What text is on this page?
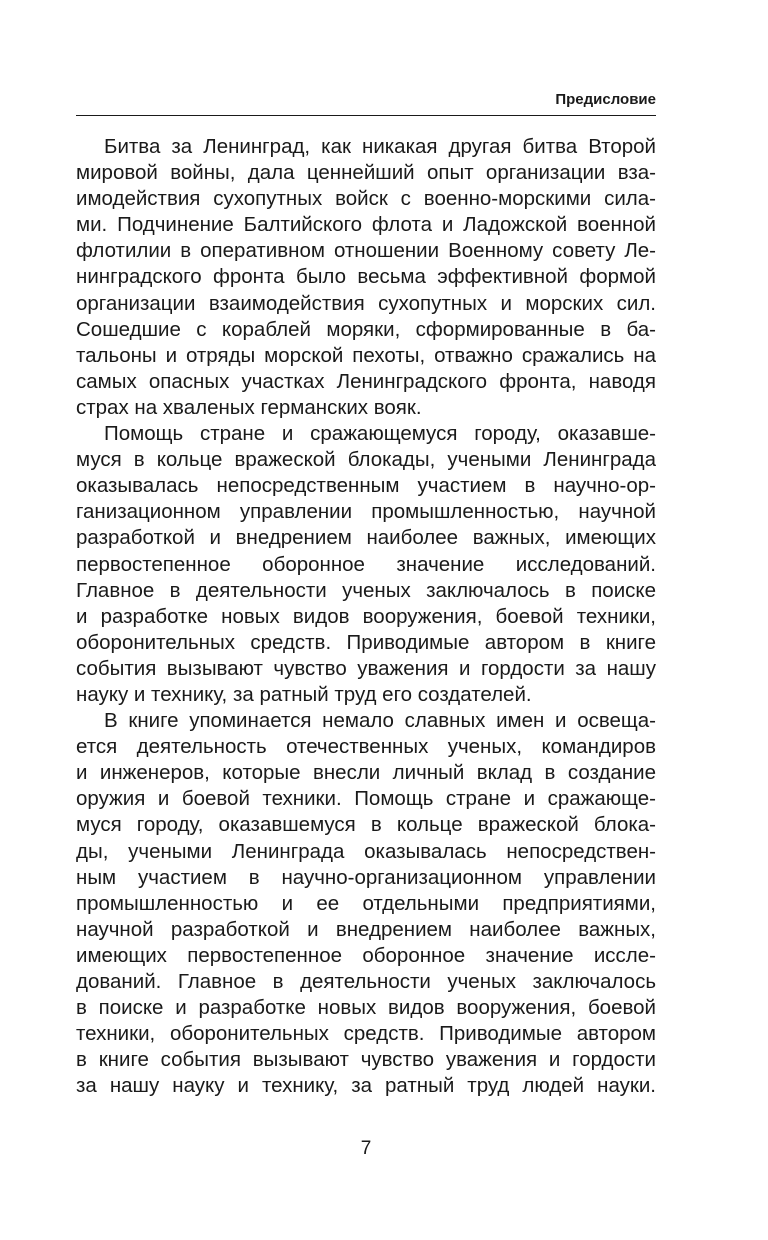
Предисловие
Битва за Ленинград, как никакая другая битва Второй
мировой войны, дала ценнейший опыт организации вза-
имодействия сухопутных войск с военно-морскими сила-
ми. Подчинение Балтийского флота и Ладожской военной
флотилии в оперативном отношении Военному совету Ле-
нинградского фронта было весьма эффективной формой
организации взаимодействия сухопутных и морских сил.
Сошедшие с кораблей моряки, сформированные в ба-
тальоны и отряды морской пехоты, отважно сражались на
самых опасных участках Ленинградского фронта, наводя
страх на хваленых германских вояк.
Помощь стране и сражающемуся городу, оказавше-
муся в кольце вражеской блокады, учеными Ленинграда
оказывалась непосредственным участием в научно-ор-
ганизационном управлении промышленностью, научной
разработкой и внедрением наиболее важных, имеющих
первостепенное оборонное значение исследований.
Главное в деятельности ученых заключалось в поиске
и разработке новых видов вооружения, боевой техники,
оборонительных средств. Приводимые автором в книге
события вызывают чувство уважения и гордости за нашу
науку и технику, за ратный труд его создателей.
В книге упоминается немало славных имен и освеща-
ется деятельность отечественных ученых, командиров
и инженеров, которые внесли личный вклад в создание
оружия и боевой техники. Помощь стране и сражающе-
муся городу, оказавшемуся в кольце вражеской блока-
ды, учеными Ленинграда оказывалась непосредствен-
ным участием в научно-организационном управлении
промышленностью и ее отдельными предприятиями,
научной разработкой и внедрением наиболее важных,
имеющих первостепенное оборонное значение иссле-
дований. Главное в деятельности ученых заключалось
в поиске и разработке новых видов вооружения, боевой
техники, оборонительных средств. Приводимые автором
в книге события вызывают чувство уважения и гордости
за нашу науку и технику, за ратный труд людей науки.
7
